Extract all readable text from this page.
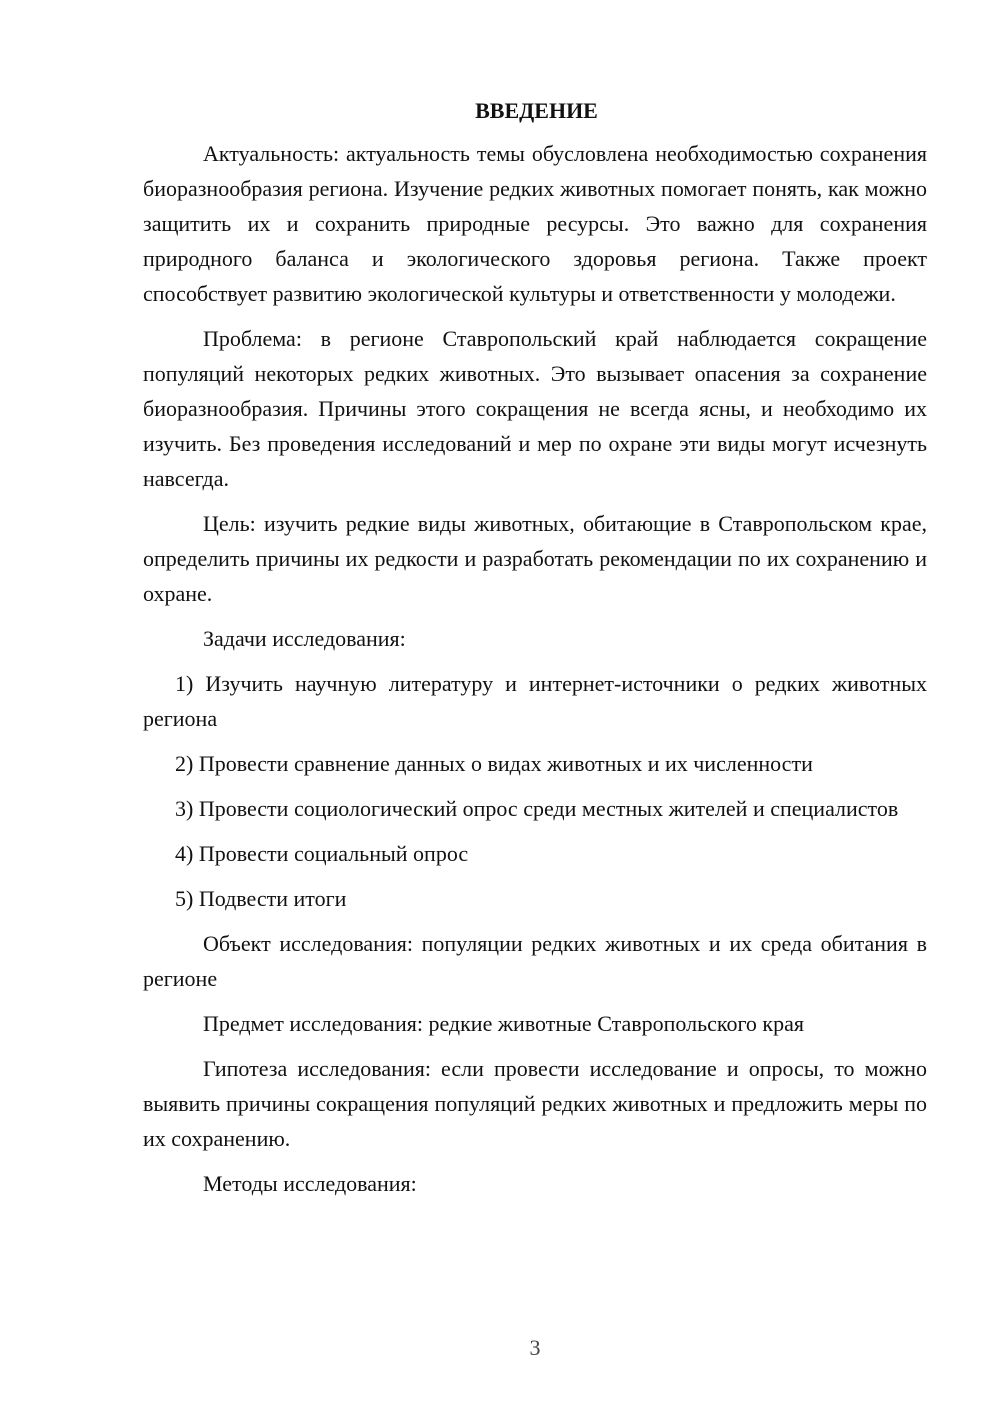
ВВЕДЕНИЕ

Актуальность: актуальность темы обусловлена необходимостью сохранения биоразнообразия региона. Изучение редких животных помогает понять, как можно защитить их и сохранить природные ресурсы. Это важно для сохранения природного баланса и экологического здоровья региона. Также проект способствует развитию экологической культуры и ответственности у молодежи.

Проблема: в регионе Ставропольский край наблюдается сокращение популяций некоторых редких животных. Это вызывает опасения за сохранение биоразнообразия. Причины этого сокращения не всегда ясны, и необходимо их изучить. Без проведения исследований и мер по охране эти виды могут исчезнуть навсегда.

Цель: изучить редкие виды животных, обитающие в Ставропольском крае, определить причины их редкости и разработать рекомендации по их сохранению и охране.

Задачи исследования:

1) Изучить научную литературу и интернет-источники о редких животных региона

2) Провести сравнение данных о видах животных и их численности

3) Провести социологический опрос среди местных жителей и специалистов

4) Провести социальный опрос

5) Подвести итоги

Объект исследования: популяции редких животных и их среда обитания в регионе

Предмет исследования: редкие животные Ставропольского края

Гипотеза исследования: если провести исследование и опросы, то можно выявить причины сокращения популяций редких животных и предложить меры по их сохранению.

Методы исследования:

3
